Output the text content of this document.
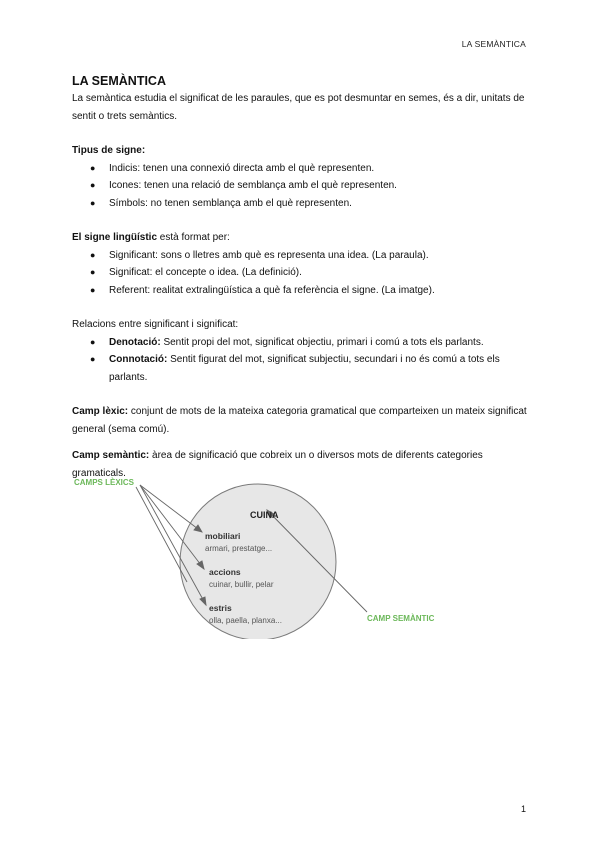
LA SEMÀNTICA
LA SEMÀNTICA

La semàntica estudia el significat de les paraules, que es pot desmuntar en semes, és a dir, unitats de sentit o trets semàntics.

Tipus de signe:

● Indicis: tenen una connexió directa amb el què representen.
● Icones: tenen una relació de semblança amb el què representen.
● Símbols: no tenen semblança amb el què representen.

El signe lingüístic està format per:

● Significant: sons o lletres amb què es representa una idea. (La paraula).
● Significat: el concepte o idea. (La definició).
● Referent: realitat extralingüística a què fa referència el signe. (La imatge).

Relacions entre significant i significat:

● Denotació: Sentit propi del mot, significat objectiu, primari i comú a tots els parlants.
● Connotació: Sentit figurat del mot, significat subjectiu, secundari i no és comú a tots els parlants.

Camp lèxic: conjunt de mots de la mateixa categoria gramatical que comparteixen un mateix significat general (sema comú).

Camp semàntic: àrea de significació que cobreix un o diversos mots de diferents categories gramaticals.

CAMPS LÈXICS
CAMP SEMÀNTIC
CUINA
mobiliari
armari, prestatge...
accions
cuinar, bullir, pelar
estris
olla, paella, planxa...
1
